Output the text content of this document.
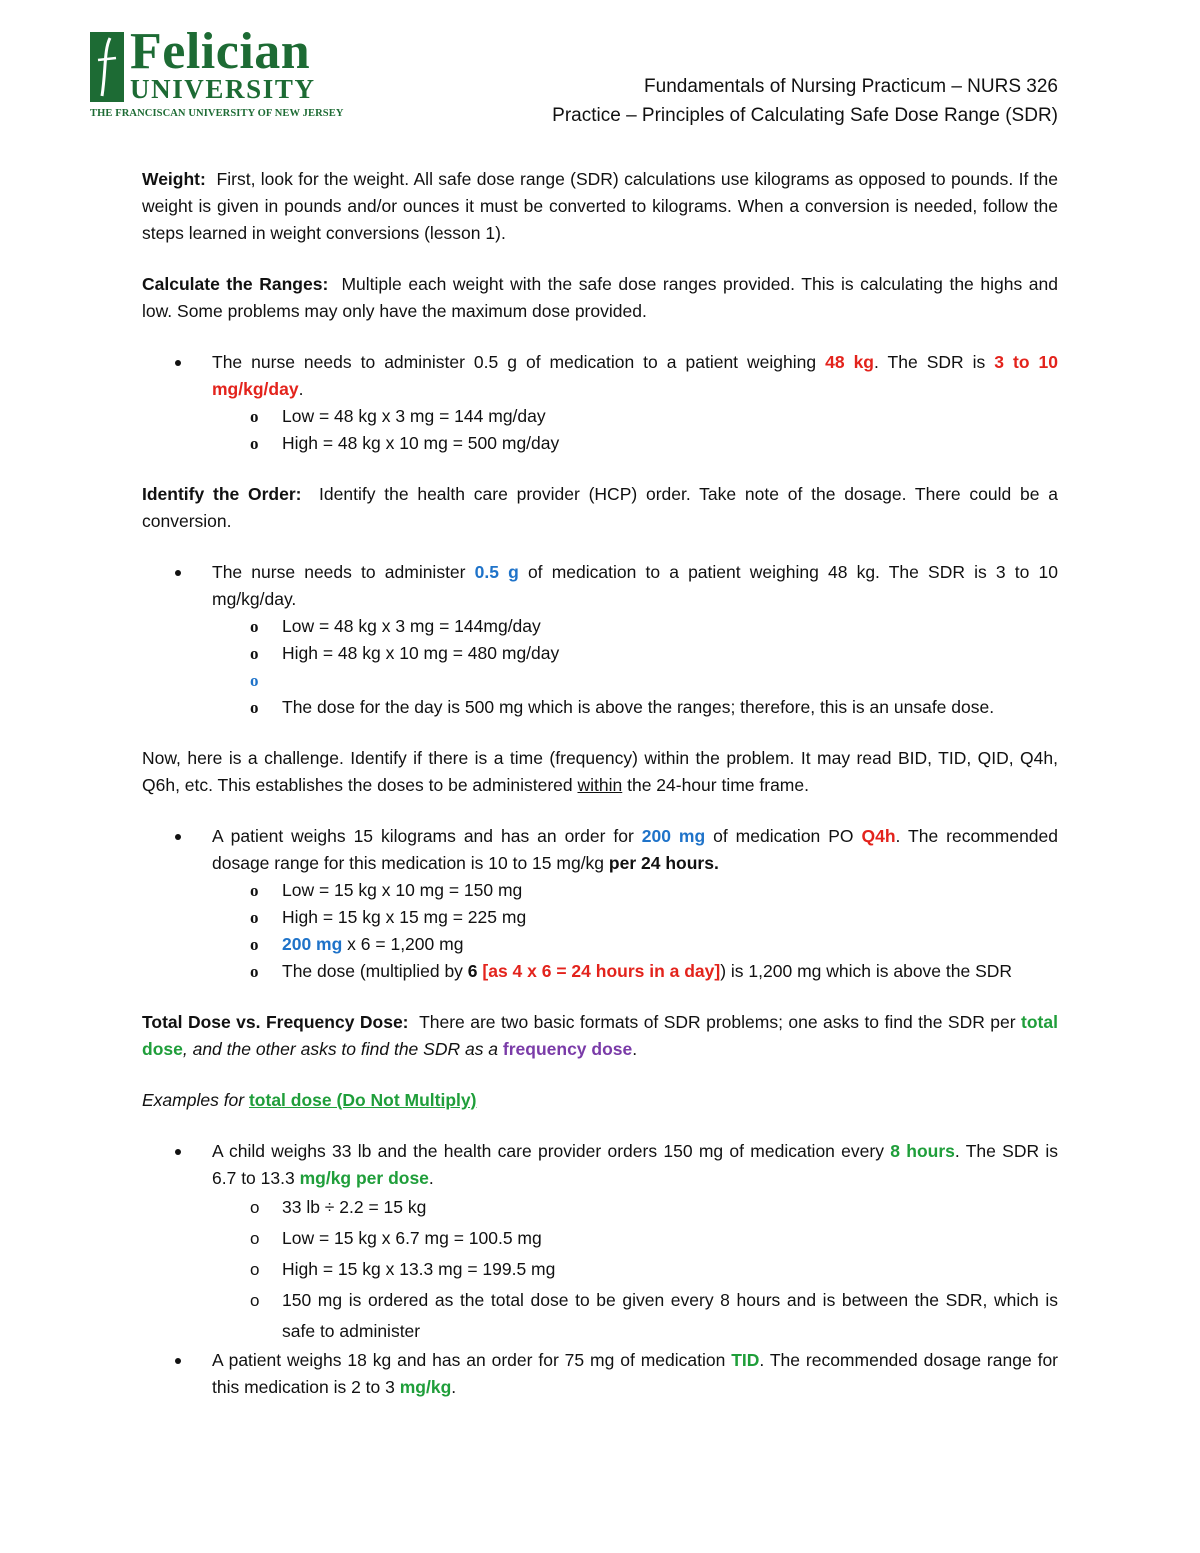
Felician
UNIVERSITY
THE FRANCISCAN UNIVERSITY OF NEW JERSEY
Fundamentals of Nursing Practicum – NURS 326
Practice – Principles of Calculating Safe Dose Range (SDR)

Weight: First, look for the weight. All safe dose range (SDR) calculations use kilograms as opposed to pounds. If the weight is given in pounds and/or ounces it must be converted to kilograms. When a conversion is needed, follow the steps learned in weight conversions (lesson 1).

Calculate the Ranges: Multiple each weight with the safe dose ranges provided. This is calculating the highs and low. Some problems may only have the maximum dose provided.

The nurse needs to administer 0.5 g of medication to a patient weighing 48 kg. The SDR is 3 to 10 mg/kg/day.
o Low = 48 kg x 3 mg = 144 mg/day
o High = 48 kg x 10 mg = 500 mg/day

Identify the Order: Identify the health care provider (HCP) order. Take note of the dosage. There could be a conversion.

The nurse needs to administer 0.5 g of medication to a patient weighing 48 kg. The SDR is 3 to 10 mg/kg/day.
o Low = 48 kg x 3 mg = 144mg/day
o High = 48 kg x 10 mg = 480 mg/day
o

o The dose for the day is 500 mg which is above the ranges; therefore, this is an unsafe dose.

Now, here is a challenge. Identify if there is a time (frequency) within the problem. It may read BID, TID, QID, Q4h, Q6h, etc. This establishes the doses to be administered within the 24-hour time frame.

A patient weighs 15 kilograms and has an order for 200 mg of medication PO Q4h. The recommended dosage range for this medication is 10 to 15 mg/kg per 24 hours.
o Low = 15 kg x 10 mg = 150 mg
o High = 15 kg x 15 mg = 225 mg
o 200 mg x 6 = 1,200 mg
o The dose (multiplied by 6 [as 4 x 6 = 24 hours in a day]) is 1,200 mg which is above the SDR

Total Dose vs. Frequency Dose: There are two basic formats of SDR problems; one asks to find the SDR per total dose, and the other asks to find the SDR as a frequency dose.

Examples for total dose (Do Not Multiply)

A child weighs 33 lb and the health care provider orders 150 mg of medication every 8 hours. The SDR is 6.7 to 13.3 mg/kg per dose.
o 33 lb ÷ 2.2 = 15 kg
o Low = 15 kg x 6.7 mg = 100.5 mg
o High = 15 kg x 13.3 mg = 199.5 mg
o 150 mg is ordered as the total dose to be given every 8 hours and is between the SDR, which is safe to administer
A patient weighs 18 kg and has an order for 75 mg of medication TID. The recommended dosage range for this medication is 2 to 3 mg/kg.
